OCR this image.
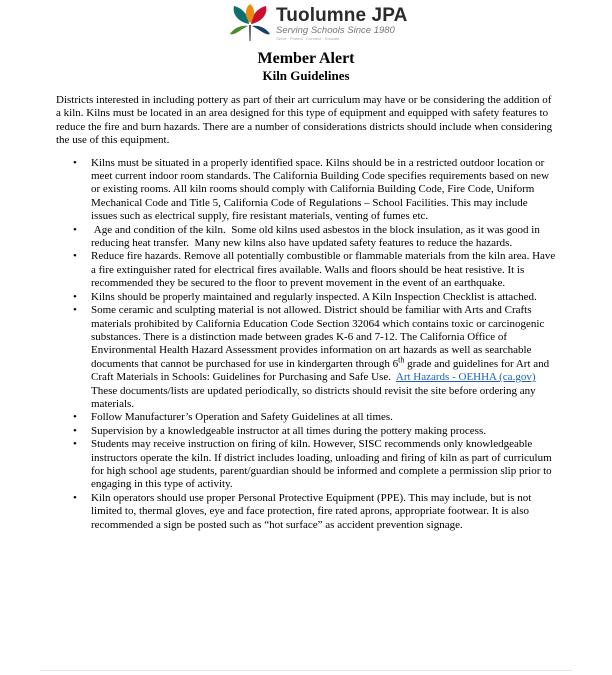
Tuolumne JPA
Serving Schools Since 1980
Serve · Protect · Connect · Educate
Member Alert
Kiln Guidelines

Districts interested in including pottery as part of their art curriculum may have or be considering the addition of a kiln. Kilns must be located in an area designed for this type of equipment and equipped with safety features to reduce the fire and burn hazards. There are a number of considerations districts should include when considering the use of this equipment.

• Kilns must be situated in a properly identified space. Kilns should be in a restricted outdoor location or meet current indoor room standards. The California Building Code specifies requirements based on new or existing rooms. All kiln rooms should comply with California Building Code, Fire Code, Uniform Mechanical Code and Title 5, California Code of Regulations – School Facilities. This may include issues such as electrical supply, fire resistant materials, venting of fumes etc.
• Age and condition of the kiln.  Some old kilns used asbestos in the block insulation, as it was good in reducing heat transfer.  Many new kilns also have updated safety features to reduce the hazards.
• Reduce fire hazards. Remove all potentially combustible or flammable materials from the kiln area. Have a fire extinguisher rated for electrical fires available. Walls and floors should be heat resistive. It is recommended they be secured to the floor to prevent movement in the event of an earthquake.
• Kilns should be properly maintained and regularly inspected. A Kiln Inspection Checklist is attached.
• Some ceramic and sculpting material is not allowed. District should be familiar with Arts and Crafts materials prohibited by California Education Code Section 32064 which contains toxic or carcinogenic substances. There is a distinction made between grades K-6 and 7-12. The California Office of Environmental Health Hazard Assessment provides information on art hazards as well as searchable documents that cannot be purchased for use in kindergarten through 6th grade and guidelines for Art and Craft Materials in Schools: Guidelines for Purchasing and Safe Use.  Art Hazards - OEHHA (ca.gov) These documents/lists are updated periodically, so districts should revisit the site before ordering any materials.
• Follow Manufacturer’s Operation and Safety Guidelines at all times.
• Supervision by a knowledgeable instructor at all times during the pottery making process.
• Students may receive instruction on firing of kiln. However, SISC recommends only knowledgeable instructors operate the kiln. If district includes loading, unloading and firing of kiln as part of curriculum for high school age students, parent/guardian should be informed and complete a permission slip prior to engaging in this type of activity.
• Kiln operators should use proper Personal Protective Equipment (PPE). This may include, but is not limited to, thermal gloves, eye and face protection, fire rated aprons, appropriate footwear. It is also recommended a sign be posted such as “hot surface” as accident prevention signage.
